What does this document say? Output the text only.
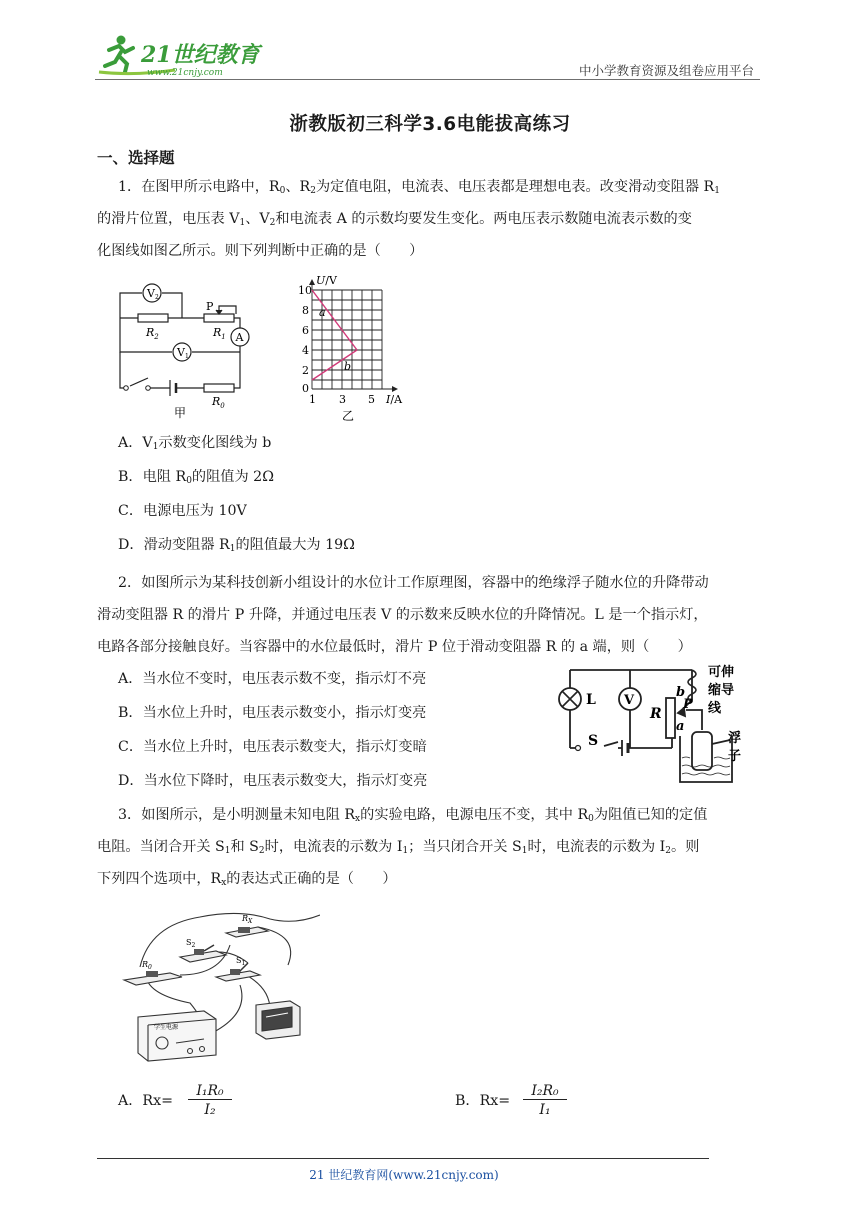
21世纪教育
www.21cnjy.com	中小学教育资源及组卷应用平台
浙教版初三科学3.6电能拔高练习
一、选择题
1．在图甲所示电路中，$R_0$、$R_2$为定值电阻，电流表、电压表都是理想电表。改变滑动变阻器 $R_1$
的滑片位置，电压表 $V_1$、$V_2$和电流表 A 的示数均要发生变化。两电压表示数随电流表示数的变
化图线如图乙所示。则下列判断中正确的是（　　）
V 2
A
V 1
P
$R_2$	$R_1$
$R_0$
甲
U/V
10
8
6
4
2
0
1 3 5 I/A
a
b
乙
A．$V_1$示数变化图线为 b
B．电阻 $R_0$的阻值为 2Ω
C．电源电压为 10V
D．滑动变阻器 $R_1$的阻值最大为 19Ω
2．如图所示为某科技创新小组设计的水位计工作原理图，容器中的绝缘浮子随水位的升降带动
滑动变阻器 R 的滑片 P 升降，并通过电压表 V 的示数来反映水位的升降情况。L 是一个指示灯，
电路各部分接触良好。当容器中的水位最低时，滑片 P 位于滑动变阻器 R 的 a 端，则（　　）
A．当水位不变时，电压表示数不变，指示灯不亮
B．当水位上升时，电压表示数变小，指示灯变亮
C．当水位上升时，电压表示数变大，指示灯变暗
D．当水位下降时，电压表示数变大，指示灯变亮
V
L
R
P
b
a
S
可伸
缩导
线
浮
子
3．如图所示，是小明测量未知电阻 $R_x$的实验电路，电源电压不变，其中 $R_0$为阻值已知的定值
电阻。当闭合开关 $S_1$和 $S_2$时，电流表的示数为 $I_1$；当只闭合开关 $S_1$时，电流表的示数为 $I_2$。则
下列四个选项中，$R_x$的表达式正确的是（　　）
$R_X$
$S_2$
$S_1$
$R_0$
学生电源
A．Rx=
I₁R₀
I₂
B．Rx=
I₂R₀
I₁
21 世纪教育网(www.21cnjy.com)
